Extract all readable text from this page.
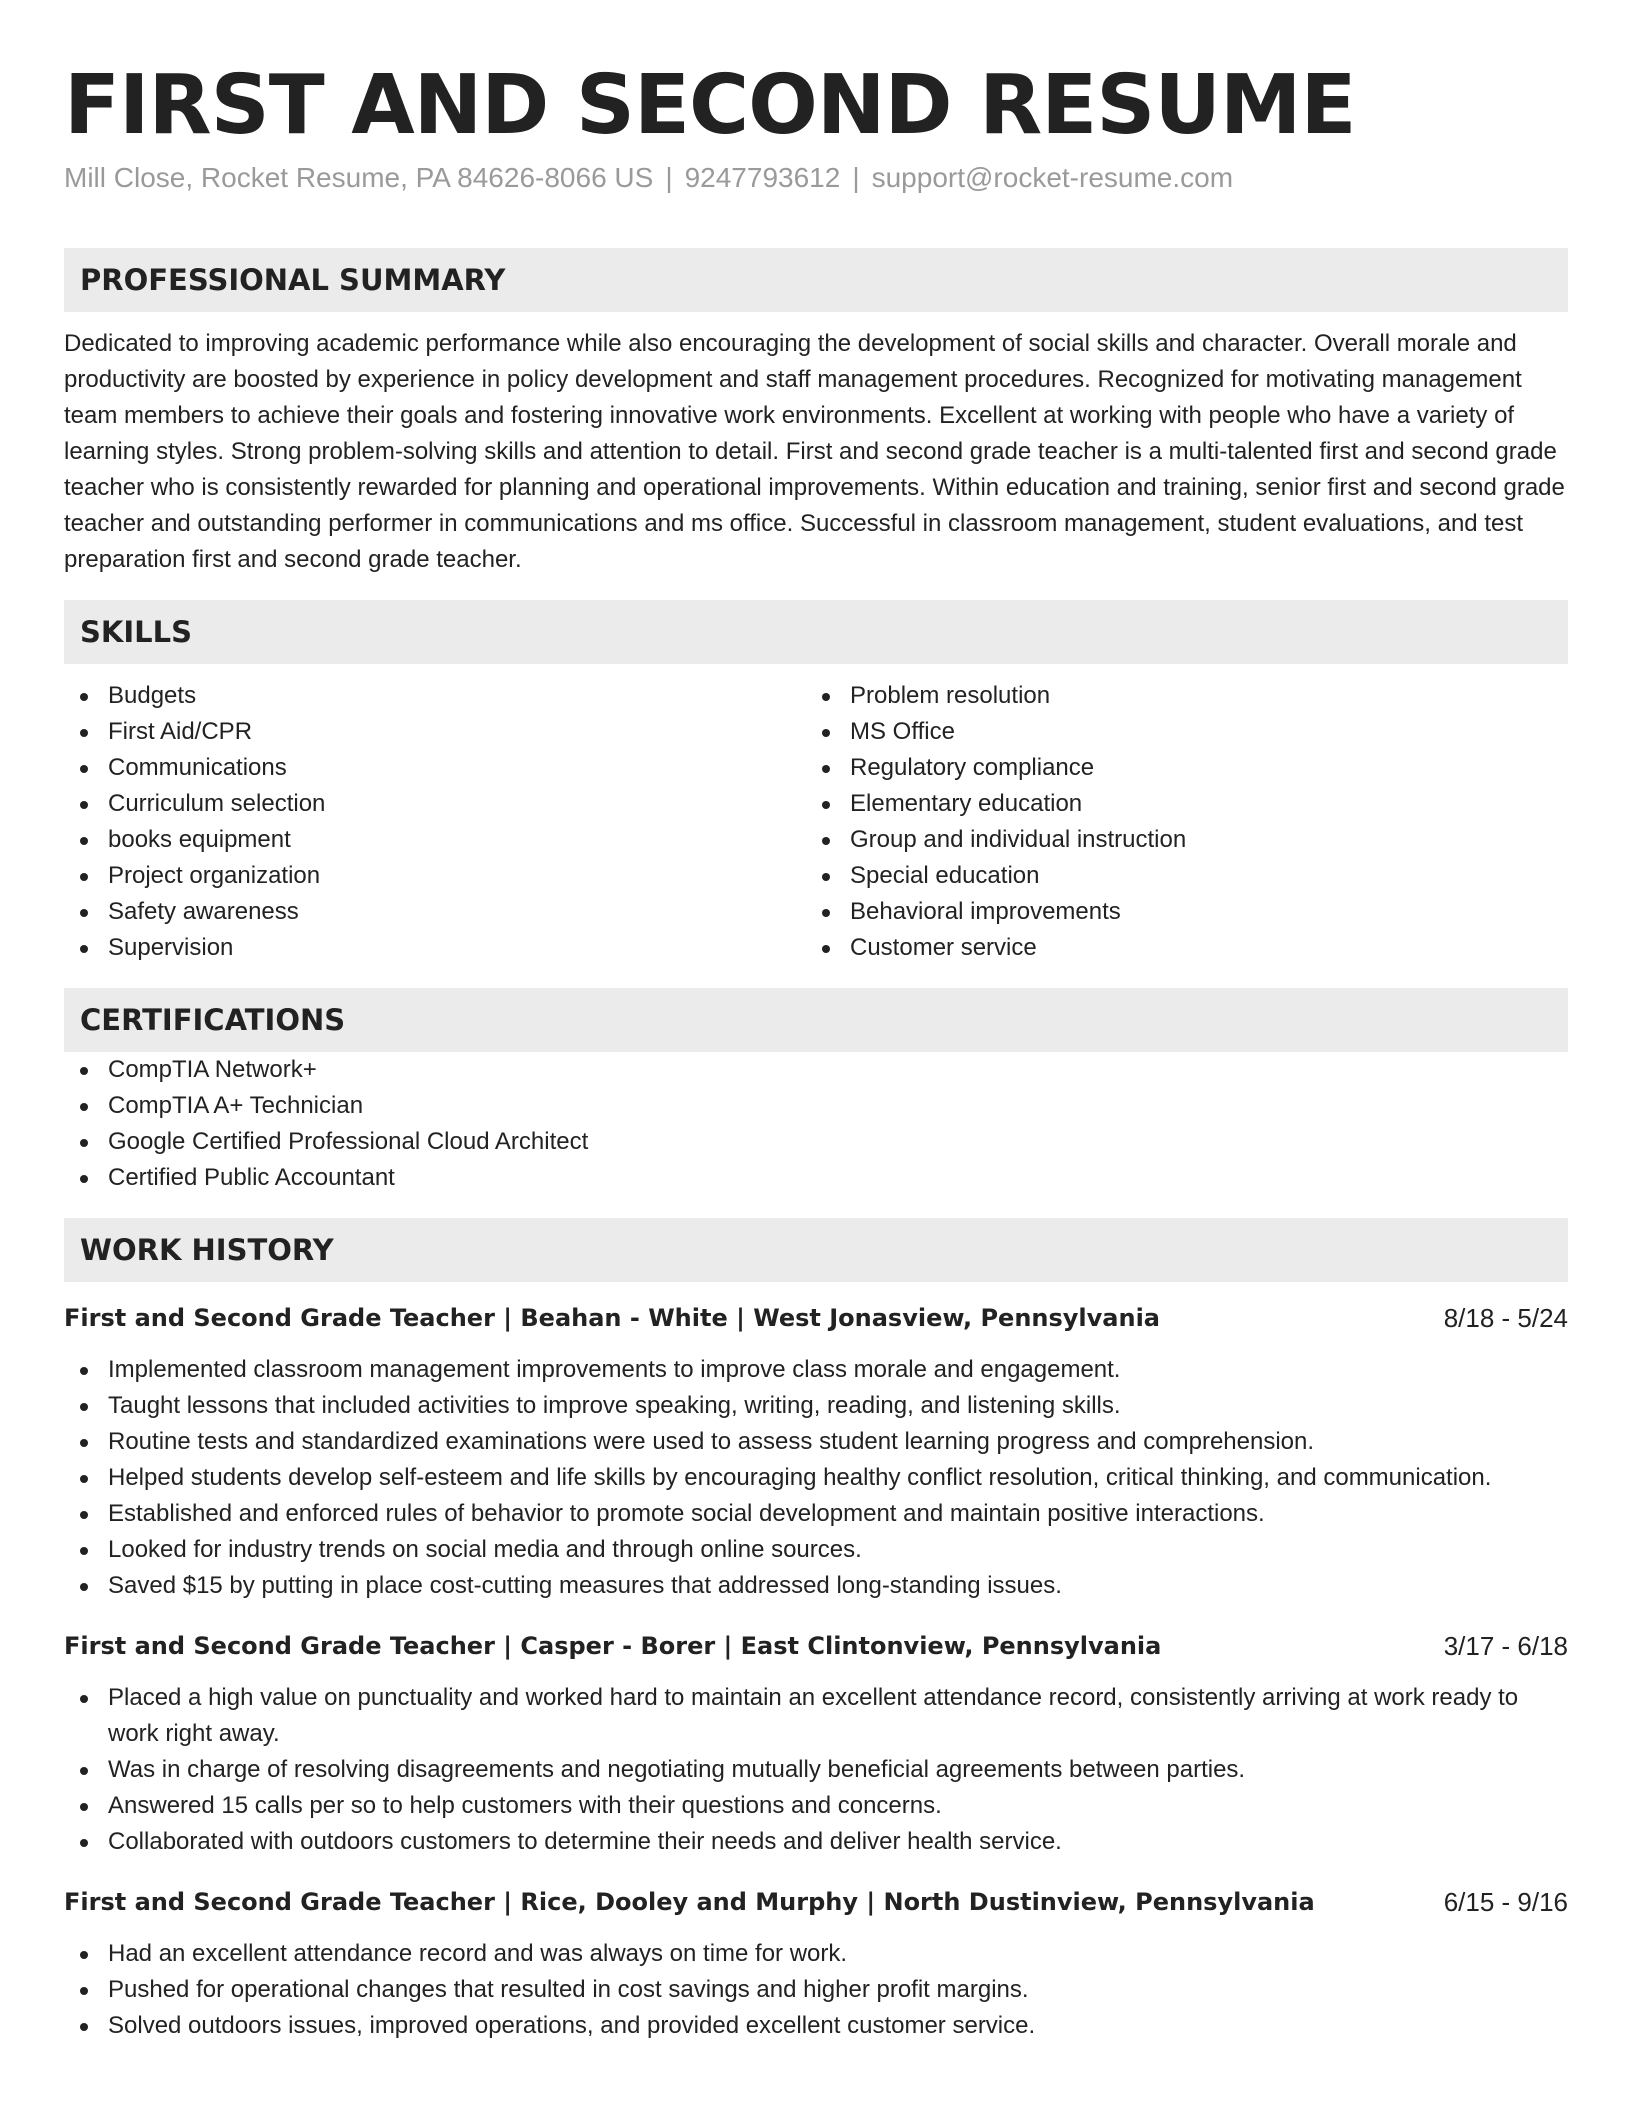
FIRST AND SECOND RESUME
Mill Close, Rocket Resume, PA 84626-8066 US | 9247793612 | support@rocket-resume.com
PROFESSIONAL SUMMARY

Dedicated to improving academic performance while also encouraging the development of social skills and character. Overall morale and productivity are boosted by experience in policy development and staff management procedures. Recognized for motivating management team members to achieve their goals and fostering innovative work environments. Excellent at working with people who have a variety of learning styles. Strong problem-solving skills and attention to detail. First and second grade teacher is a multi-talented first and second grade teacher who is consistently rewarded for planning and operational improvements. Within education and training, senior first and second grade teacher and outstanding performer in communications and ms office. Successful in classroom management, student evaluations, and test preparation first and second grade teacher.

SKILLS
Budgets
First Aid/CPR
Communications
Curriculum selection
books equipment
Project organization
Safety awareness
Supervision
Problem resolution
MS Office
Regulatory compliance
Elementary education
Group and individual instruction
Special education
Behavioral improvements
Customer service
CERTIFICATIONS
CompTIA Network+
CompTIA A+ Technician
Google Certified Professional Cloud Architect
Certified Public Accountant
WORK HISTORY
First and Second Grade Teacher | Beahan - White | West Jonasview, Pennsylvania	8/18 - 5/24
Implemented classroom management improvements to improve class morale and engagement.
Taught lessons that included activities to improve speaking, writing, reading, and listening skills.
Routine tests and standardized examinations were used to assess student learning progress and comprehension.
Helped students develop self-esteem and life skills by encouraging healthy conflict resolution, critical thinking, and communication.
Established and enforced rules of behavior to promote social development and maintain positive interactions.
Looked for industry trends on social media and through online sources.
Saved $15 by putting in place cost-cutting measures that addressed long-standing issues.
First and Second Grade Teacher | Casper - Borer | East Clintonview, Pennsylvania	3/17 - 6/18
Placed a high value on punctuality and worked hard to maintain an excellent attendance record, consistently arriving at work ready to work right away.
Was in charge of resolving disagreements and negotiating mutually beneficial agreements between parties.
Answered 15 calls per so to help customers with their questions and concerns.
Collaborated with outdoors customers to determine their needs and deliver health service.
First and Second Grade Teacher | Rice, Dooley and Murphy | North Dustinview, Pennsylvania	6/15 - 9/16
Had an excellent attendance record and was always on time for work.
Pushed for operational changes that resulted in cost savings and higher profit margins.
Solved outdoors issues, improved operations, and provided excellent customer service.
